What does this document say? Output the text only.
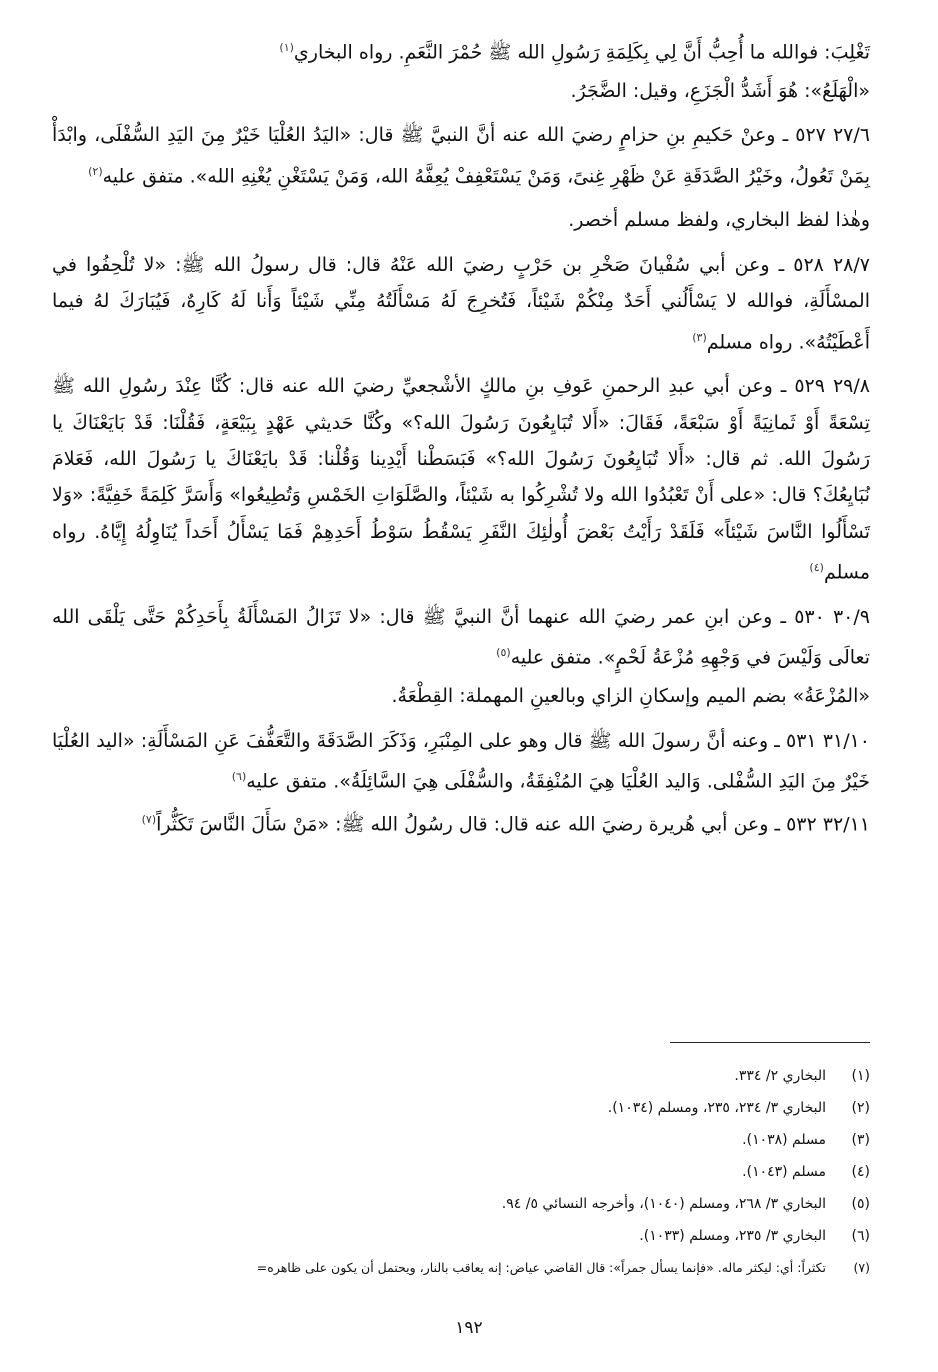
تَغْلِبَ: فوالله ما أُحِبُّ أَنَّ لِي بِكَلِمَةِ رَسُولِ الله ﷺ حُمْرَ النَّعَمِ. رواه البخاري$^{(١)}$

«الْهَلَعُ»: هُوَ أَشَدُّ الْجَزَعِ، وقيل: الضَّجَرُ.

٢٧/٦ ٥٢٧ ـ وعنْ حَكيمِ بنِ حزامٍ رضيَ الله عنه أنَّ النبيَّ ﷺ قال: «اليَدُ العُلْيَا خَيْرٌ مِنَ اليَدِ السُّفْلَى، وابْدَأْ بِمَنْ تَعُولُ، وخَيْرُ الصَّدَقَةِ عَنْ ظَهْرِ غِنىً، وَمَنْ يَسْتَعْفِفْ يُعِفَّهُ الله، وَمَنْ يَسْتَغْنِ يُغْنِهِ الله». متفق عليه$^{(٢)}$

وهٰذا لفظ البخاري، ولفظ مسلم أخصر.

٢٨/٧ ٥٢٨ ـ وعن أبي سُفْيانَ صَخْرِ بن حَرْبٍ رضيَ الله عَنْهُ قال: قال رسولُ الله ﷺ: «لا تُلْحِفُوا في المسْأَلَةِ، فوالله لا يَسْأَلُني أَحَدٌ مِنْكُمْ شَيْئاً، فَتُخرِجَ لَهُ مَسْأَلَتُهُ مِنِّي شَيْئاً وَأَنا لَهُ كَارِهٌ، فَيُبَارَكَ لهُ فيما أَعْطَيْتُهُ». رواه مسلم$^{(٣)}$

٢٩/٨ ٥٢٩ ـ وعن أبي عبدِ الرحمنِ عَوفِ بنِ مالكٍ الأشْجعيِّ رضيَ الله عنه قال: كُنَّا عِنْدَ رسُولِ الله ﷺ تِسْعَةً أَوْ ثَمانِيَةً أَوْ سَبْعَةً، فَقَالَ: «أَلا تُبَايِعُونَ رَسُولَ الله؟» وكُنَّا حَديثي عَهْدٍ بِبَيْعَةٍ، فَقُلْنَا: قَدْ بَايَعْنَاكَ يا رَسُولَ الله. ثم قال: «أَلا تُبَايِعُونَ رَسُولَ الله؟» فَبَسَطْنا أَيْدِينا وَقُلْنا: قَدْ بايَعْنَاكَ يا رَسُولَ الله، فَعَلامَ نُبَايِعُكَ؟ قال: «على أَنْ تَعْبُدُوا الله ولا تُشْرِكُوا به شَيْئاً، والصَّلَوَاتِ الخَمْسِ وَتُطِيعُوا» وَأَسَرَّ كَلِمَةً خَفِيَّةً: «وَلا تَسْأَلُوا النَّاسَ شَيْئاً» فَلَقَدْ رَأَيْتُ بَعْضَ أُولٰئِكَ النَّفَرِ يَسْقُطُ سَوْطُ أَحَدِهِمْ فَمَا يَسْأَلُ أَحَداً يُنَاوِلُهُ إِيَّاهُ. رواه مسلم$^{(٤)}$

٣٠/٩ ٥٣٠ ـ وعن ابنِ عمر رضيَ الله عنهما أنَّ النبيَّ ﷺ قال: «لا تَزَالُ المَسْأَلَةُ بِأَحَدِكُمْ حَتَّى يَلْقَى الله تعالَى وَلَيْسَ في وَجْهِهِ مُزْعَةُ لَحْمٍ». متفق عليه$^{(٥)}$

«المُزْعَةُ» بضم الميم وإسكانِ الزاي وبالعينِ المهملة: القِطْعَةُ.

٣١/١٠ ٥٣١ ـ وعنه أنَّ رسولَ الله ﷺ قال وهو على المِنْبَرِ، وَذَكَرَ الصَّدَقَةَ والتَّعَفُّفَ عَنِ المَسْأَلَةِ: «اليد العُلْيَا خَيْرٌ مِنَ اليَدِ السُّفْلى. وَاليد العُلْيَا هِيَ المُنْفِقَةُ، والسُّفْلَى هِيَ السَّائِلَةُ». متفق عليه$^{(٦)}$

٣٢/١١ ٥٣٢ ـ وعن أبي هُريرة رضيَ الله عنه قال: قال رسُولُ الله ﷺ: «مَنْ سَأَلَ النَّاسَ تَكَثُّراً$^{(٧)}$

(١)
البخاري ٢/ ٣٣٤.
(٢)
البخاري ٣/ ٢٣٤، ٢٣٥، ومسلم (١٠٣٤).
(٣)
مسلم (١٠٣٨).
(٤)
مسلم (١٠٤٣).
(٥)
البخاري ٣/ ٢٦٨، ومسلم (١٠٤٠)، وأخرجه النسائي ٥/ ٩٤.
(٦)
البخاري ٣/ ٢٣٥، ومسلم (١٠٣٣).
(٧)
تكثراً: أي: ليكثر ماله. «فإنما يسأل جمراً»: قال القاضي عياض: إنه يعاقب بالنار، ويحتمل أن يكون على ظاهره=
١٩٢
